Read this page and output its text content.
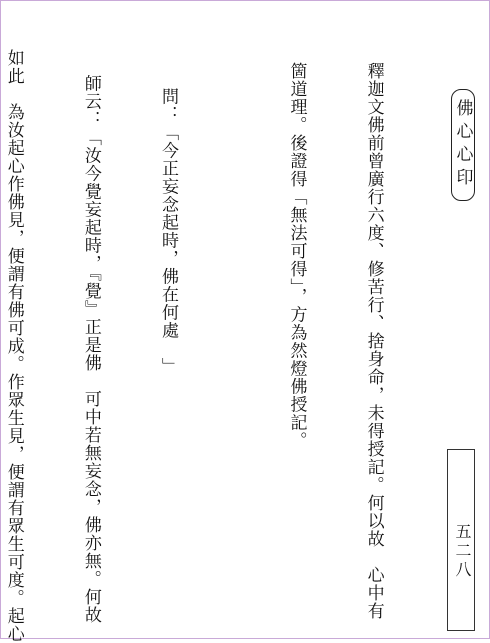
釋迦文佛前曾廣行六度、修苦行、捨身命，未得授記。何以故　心中有

箇道理。後證得「無法可得」，方為然燈佛授記。

問：「今正妄念起時，佛在何處　」

師云：「汝今覺妄起時，『覺』正是佛　可中若無妄念，佛亦無。何故

如此　為汝起心作佛見，便謂有佛可成。作眾生見，便謂有眾生可度。起心

	佛心心印
五二八
